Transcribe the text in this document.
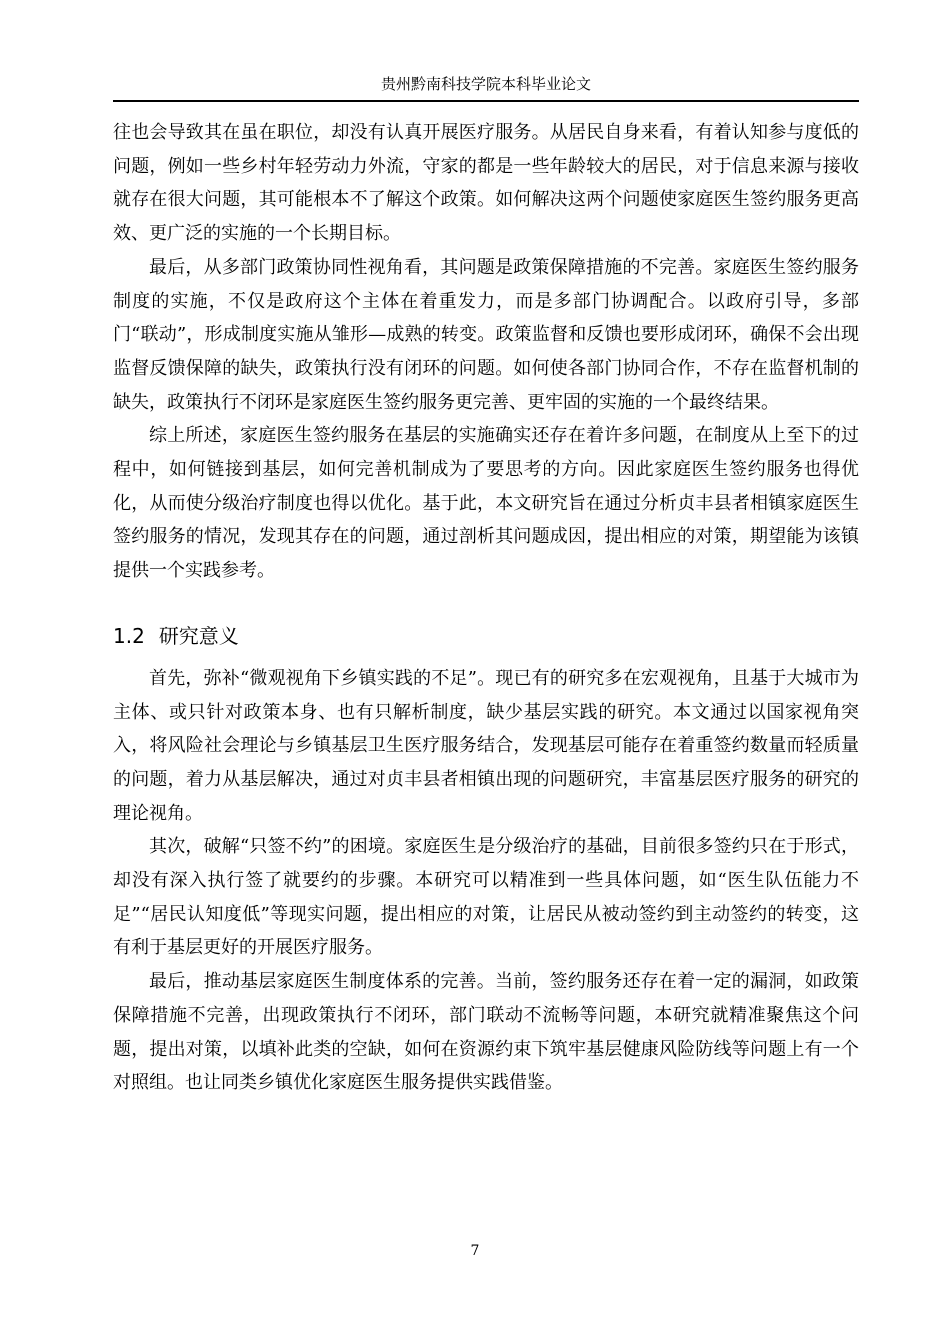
贵州黔南科技学院本科毕业论文

往也会导致其在虽在职位，却没有认真开展医疗服务。从居民自身来看，有着认知参与度低的问题，例如一些乡村年轻劳动力外流，守家的都是一些年龄较大的居民，对于信息来源与接收就存在很大问题，其可能根本不了解这个政策。如何解决这两个问题使家庭医生签约服务更高效、更广泛的实施的一个长期目标。

最后，从多部门政策协同性视角看，其问题是政策保障措施的不完善。家庭医生签约服务制度的实施，不仅是政府这个主体在着重发力，而是多部门协调配合。以政府引导，多部门“联动”，形成制度实施从雏形—成熟的转变。政策监督和反馈也要形成闭环，确保不会出现监督反馈保障的缺失，政策执行没有闭环的问题。如何使各部门协同合作，不存在监督机制的缺失，政策执行不闭环是家庭医生签约服务更完善、更牢固的实施的一个最终结果。

综上所述，家庭医生签约服务在基层的实施确实还存在着许多问题，在制度从上至下的过程中，如何链接到基层，如何完善机制成为了要思考的方向。因此家庭医生签约服务也得优化，从而使分级治疗制度也得以优化。基于此，本文研究旨在通过分析贞丰县者相镇家庭医生签约服务的情况，发现其存在的问题，通过剖析其问题成因，提出相应的对策，期望能为该镇提供一个实践参考。

1.2 研究意义

首先，弥补“微观视角下乡镇实践的不足”。现已有的研究多在宏观视角，且基于大城市为主体、或只针对政策本身、也有只解析制度，缺少基层实践的研究。本文通过以国家视角突入，将风险社会理论与乡镇基层卫生医疗服务结合，发现基层可能存在着重签约数量而轻质量的问题，着力从基层解决，通过对贞丰县者相镇出现的问题研究，丰富基层医疗服务的研究的理论视角。

其次，破解“只签不约”的困境。家庭医生是分级治疗的基础，目前很多签约只在于形式，却没有深入执行签了就要约的步骤。本研究可以精准到一些具体问题，如“医生队伍能力不足”“居民认知度低”等现实问题，提出相应的对策，让居民从被动签约到主动签约的转变，这有利于基层更好的开展医疗服务。

最后，推动基层家庭医生制度体系的完善。当前，签约服务还存在着一定的漏洞，如政策保障措施不完善，出现政策执行不闭环，部门联动不流畅等问题，本研究就精准聚焦这个问题，提出对策，以填补此类的空缺，如何在资源约束下筑牢基层健康风险防线等问题上有一个对照组。也让同类乡镇优化家庭医生服务提供实践借鉴。

7
